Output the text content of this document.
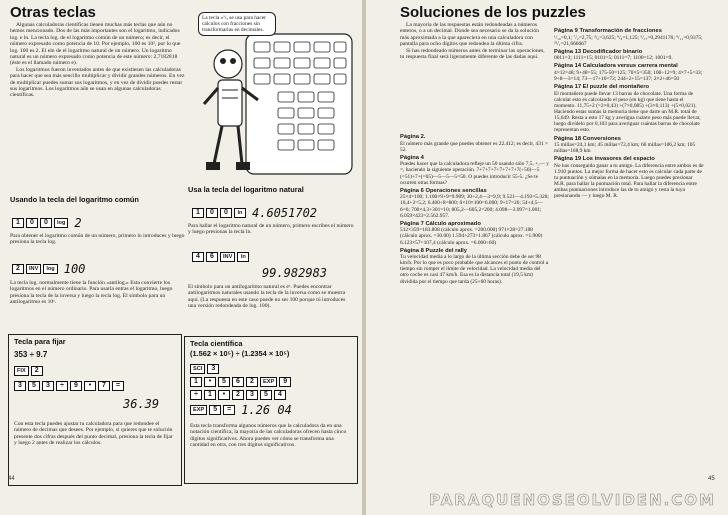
Otras teclas

Algunas calculadoras científicas tienen muchas más teclas que aún no hemos mencionado. Dos de las más importantes son el logaritmo, indicados log. e ln. La tecla log. de el logaritmo común de un número; es decir, el número expresado como potencia de 10. Por ejemplo, 100 es 10², por lo que log. 100 es 2. El eln de el logaritmo natural de un número. Un logaritmo natural es un número expresado como potencia de este número: 2,7182818 (éste es el llamado número e).

Los logaritmos fueron inventados antes de que existiesen las calculadoras para hacer que sea más sencillo multiplicar y dividir grandes números. En vez de multiplicar puedes sumar sus logaritmos, y en vez de dividir puedes restar sus logaritmos. Los logaritmos aún se usan en algunas calculadoras científicas.

La tecla «¹/ₓ se usa para hacer cálculos con fracciones sin transformarlas en decimales.
Usando la tecla del logaritmo común
1	0	0	log 2
Para obtener el logaritmo común de un número, primero lo introduces y luego presiona la tecla log.
2	INV	log 100
La tecla log. normalmente tiene la función «antilog.» Esta convierte los logaritmos en el número ordinario. Para usarla entras el logaritmo, luego presiona la tecla de la inversa y luego la tecla log. El símbolo para un antilogaritmo es 10ˣ.
Usa la tecla del logaritmo natural
1	0	0	ln 4.6051702
Para hallar el logaritmo natural de un número, primero escribes el número y luego presionas la tecla ln.
4	6	INV	ln
99.982983
El símbolo para un antilogaritmo natural es eˣ. Puedes encontrar antilogaritmos naturales usando la tecla de la inversa como se muestra aquí. (La respuesta en este caso puede no ser 100 porque tú introduces una versión redondeada de log. 100).
Tecla para fijar
353 ÷ 9.7
FIX	2
3	5	3	÷	9	•	7	=
36.39
Con esta tecla puedes ajustar tu calculadora para que redondee el número de decimas que desees. Por ejemplo, si quieres que te solución presente dos cifras después del punto decimal, presiona la tecla de fijar y luego 2 antes de realizar los cálculos.
Tecla científica
(1.562 × 10⁵) ÷ (1.2354 × 10⁵)
SCI	3
1	•	5	6	2	EXP	9
÷	1	•	2	3	5	4
EXP	5	= 1.26 04
Esta tecla transforma algunos números que la calculadora da en una notación científica, la mayoría de las calculadoras ofrecen hasta cinco dígitos significativos. Ahora puedes ver cómo se transforma una cantidad en otra, con tres dígitos significativos.
44
Soluciones de los puzzles

La mayoría de las respuestas están redondeadas a números enteros, o a un decimal. Donde sea necesario se da la solución más aproximada a la que apareciera en una calculadora con pantalla para ocho dígitos que redondea la última cifra.

Si has redondeado números antes de terminar las operaciones, tu respuesta final será ligeramente diferente de las dadas aquí.

Página 2.
El número más grande que puedes obtener es 22.412; es decir, 431 × 52.
Página 4
Puedes hacer que la calculadora refleje un 50 usando sólo 7,5, +,— y =, haciendo la siguiente operación. 7+7+7+7+7+7+7+7(÷56)—5 (=51)+7+(=65)—5—5—5=50. O puedes introducir 55-5. ¿Se te ocurren otras formas?
Página 6 Operaciones sencillas
25×4=100; 1.100×9+9=9.909; 30+2,4—3=9,9; 9.521—4.193=5.328; 10,4+2=5,2; 6.400÷8=800; 6×10×100=6.000; 9+17=26; 54+4,5—6=6; 700×4,3+301=10; 805,2—605,2=200; 4.098—3.097=1.001; 6.059×423=2.562.957.
Página 7 Cálculo aproximado
512×359=183.808 (cálculo aprox. =200.000) 971×28=27.188 (cálculo aprox. =30.00) 1.594+273=1.867 (cálculo aprox. =1.900) 6.123×57=107,4 (cálculo aprox. =6.000÷60)
Página 8 Puzzle del rally
Tu velocidad media a lo largo de la última sección debe de ser 98 km/h. Por lo que es poco probable que alcances el punto de control a tiempo sin romper el límite de velocidad. La velocidad media del otro coche es casi 47 km/h. Esa es la distancia total (19,5 km) dividida por el tiempo que tarda (25+60 horas).
Página 9 Transformación de fracciones
¹/₁₀=0,1; ⁷/₂=2,75; ³/₂=3,625; ⁹/₈=1,125; ⁵/₁₇=0,2941176; ⁹/₁₁=0,9375; ²¹/₁=21,666667
Página 13 Decodificador binario
0011=3; 1111=15; 0101=5; 0111=7; 1100=12; 1001=9.
Página 14 Calculadora versus carrera mental
4×12=48; 9+48=55; 175-50=125; 70×5=350; 108÷12=9; 4×7+5=33; 9+8—3=14; 73—17+16=72; 244÷2+15=137; 2×2+46=50
Página 17 El puzzle del montañero
El montañero puede llevar 13 barras de chocolate. Una forma de calcular esto es calculando el peso (en kg) que tiene hasta el momento. 11,75+2 (=2×0,43) +(7×0,085) +(3×0,113) +(5×0,021). Haciendo estas sumas la memoria tiene que darte un M.R. total de 15,649. Resta a esto 17 kg y averigua cuánto peso más puede llevar, luego divídelo por 0,103 para averiguar cuántas barras de chocolate representan esto.
Página 18 Conversiones
15 millas=24,1 km; 45 millas=72,4 km; 66 millas=106,2 km; 105 millas=168,9 km
Página 19 Los invasores del espacio
No has conseguido ganar a tu amigo. La diferencia entre ambos es de 1.910 puntos. La mejor forma de hacer esto es calcular cada parte de tu puntuación y súmalas en la memoria. Luego puedes presionar M.R. para hallar la puntuación total. Para hallar la diferencia entre ambas puntuaciones introduce las de tu amigo y resta la tuya presionando — y luego M. R.
45
PARAQUENOSEOLVIDEN.COM
